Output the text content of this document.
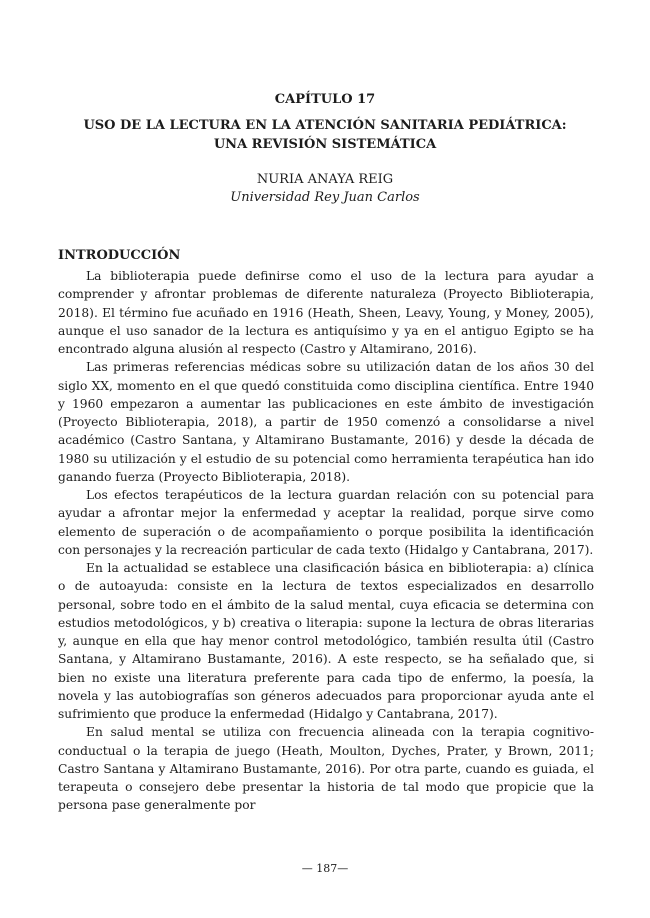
CAPÍTULO 17
USO DE LA LECTURA EN LA ATENCIÓN SANITARIA PEDIÁTRICA:
UNA REVISIÓN SISTEMÁTICA
NURIA ANAYA REIG
Universidad Rey Juan Carlos
INTRODUCCIÓN

La biblioterapia puede definirse como el uso de la lectura para ayudar a comprender y afrontar problemas de diferente naturaleza (Proyecto Biblioterapia, 2018). El término fue acuñado en 1916 (Heath, Sheen, Leavy, Young, y Money, 2005), aunque el uso sanador de la lectura es antiquísimo y ya en el antiguo Egipto se ha encontrado alguna alusión al respecto (Castro y Altamirano, 2016).

Las primeras referencias médicas sobre su utilización datan de los años 30 del siglo XX, momento en el que quedó constituida como disciplina científica. Entre 1940 y 1960 empezaron a aumentar las publicaciones en este ámbito de investigación (Proyecto Biblioterapia, 2018), a partir de 1950 comenzó a consolidarse a nivel académico (Castro Santana, y Altamirano Bustamante, 2016) y desde la década de 1980 su utilización y el estudio de su potencial como herramienta terapéutica han ido ganando fuerza (Proyecto Biblioterapia, 2018).

Los efectos terapéuticos de la lectura guardan relación con su potencial para ayudar a afrontar mejor la enfermedad y aceptar la realidad, porque sirve como elemento de superación o de acompañamiento o porque posibilita la identificación con personajes y la recreación particular de cada texto (Hidalgo y Cantabrana, 2017).

En la actualidad se establece una clasificación básica en biblioterapia: a) clínica o de autoayuda: consiste en la lectura de textos especializados en desarrollo personal, sobre todo en el ámbito de la salud mental, cuya eficacia se determina con estudios metodológicos, y b) creativa o literapia: supone la lectura de obras literarias y, aunque en ella que hay menor control metodológico, también resulta útil (Castro Santana, y Altamirano Bustamante, 2016). A este respecto, se ha señalado que, si bien no existe una literatura preferente para cada tipo de enfermo, la poesía, la novela y las autobiografías son géneros adecuados para proporcionar ayuda ante el sufrimiento que produce la enfermedad (Hidalgo y Cantabrana, 2017).

En salud mental se utiliza con frecuencia alineada con la terapia cognitivo-conductual o la terapia de juego (Heath, Moulton, Dyches, Prater, y Brown, 2011; Castro Santana y Altamirano Bustamante, 2016). Por otra parte, cuando es guiada, el terapeuta o consejero debe presentar la historia de tal modo que propicie que la persona pase generalmente por

— 187—
